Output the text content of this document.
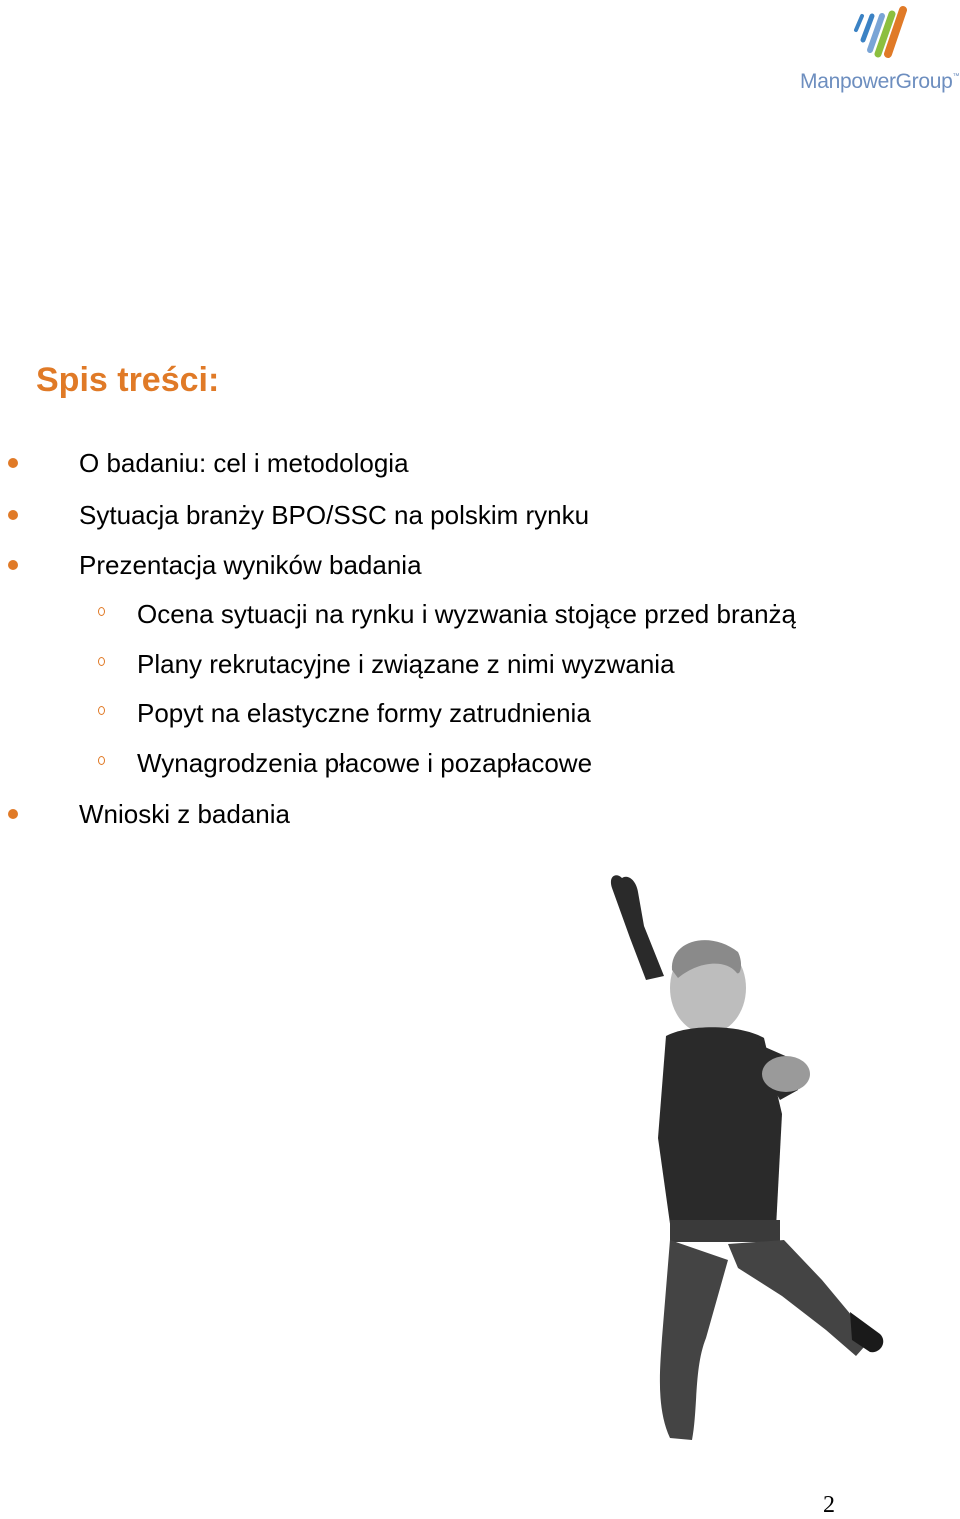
ManpowerGroup™
Spis treści:
O badaniu: cel i metodologia
Sytuacja branży BPO/SSC na polskim rynku
Prezentacja wyników badania
Ocena sytuacji na rynku i wyzwania stojące przed branżą
Plany rekrutacyjne i związane z nimi wyzwania
Popyt na elastyczne formy zatrudnienia
Wynagrodzenia płacowe i pozapłacowe
Wnioski z badania
2
